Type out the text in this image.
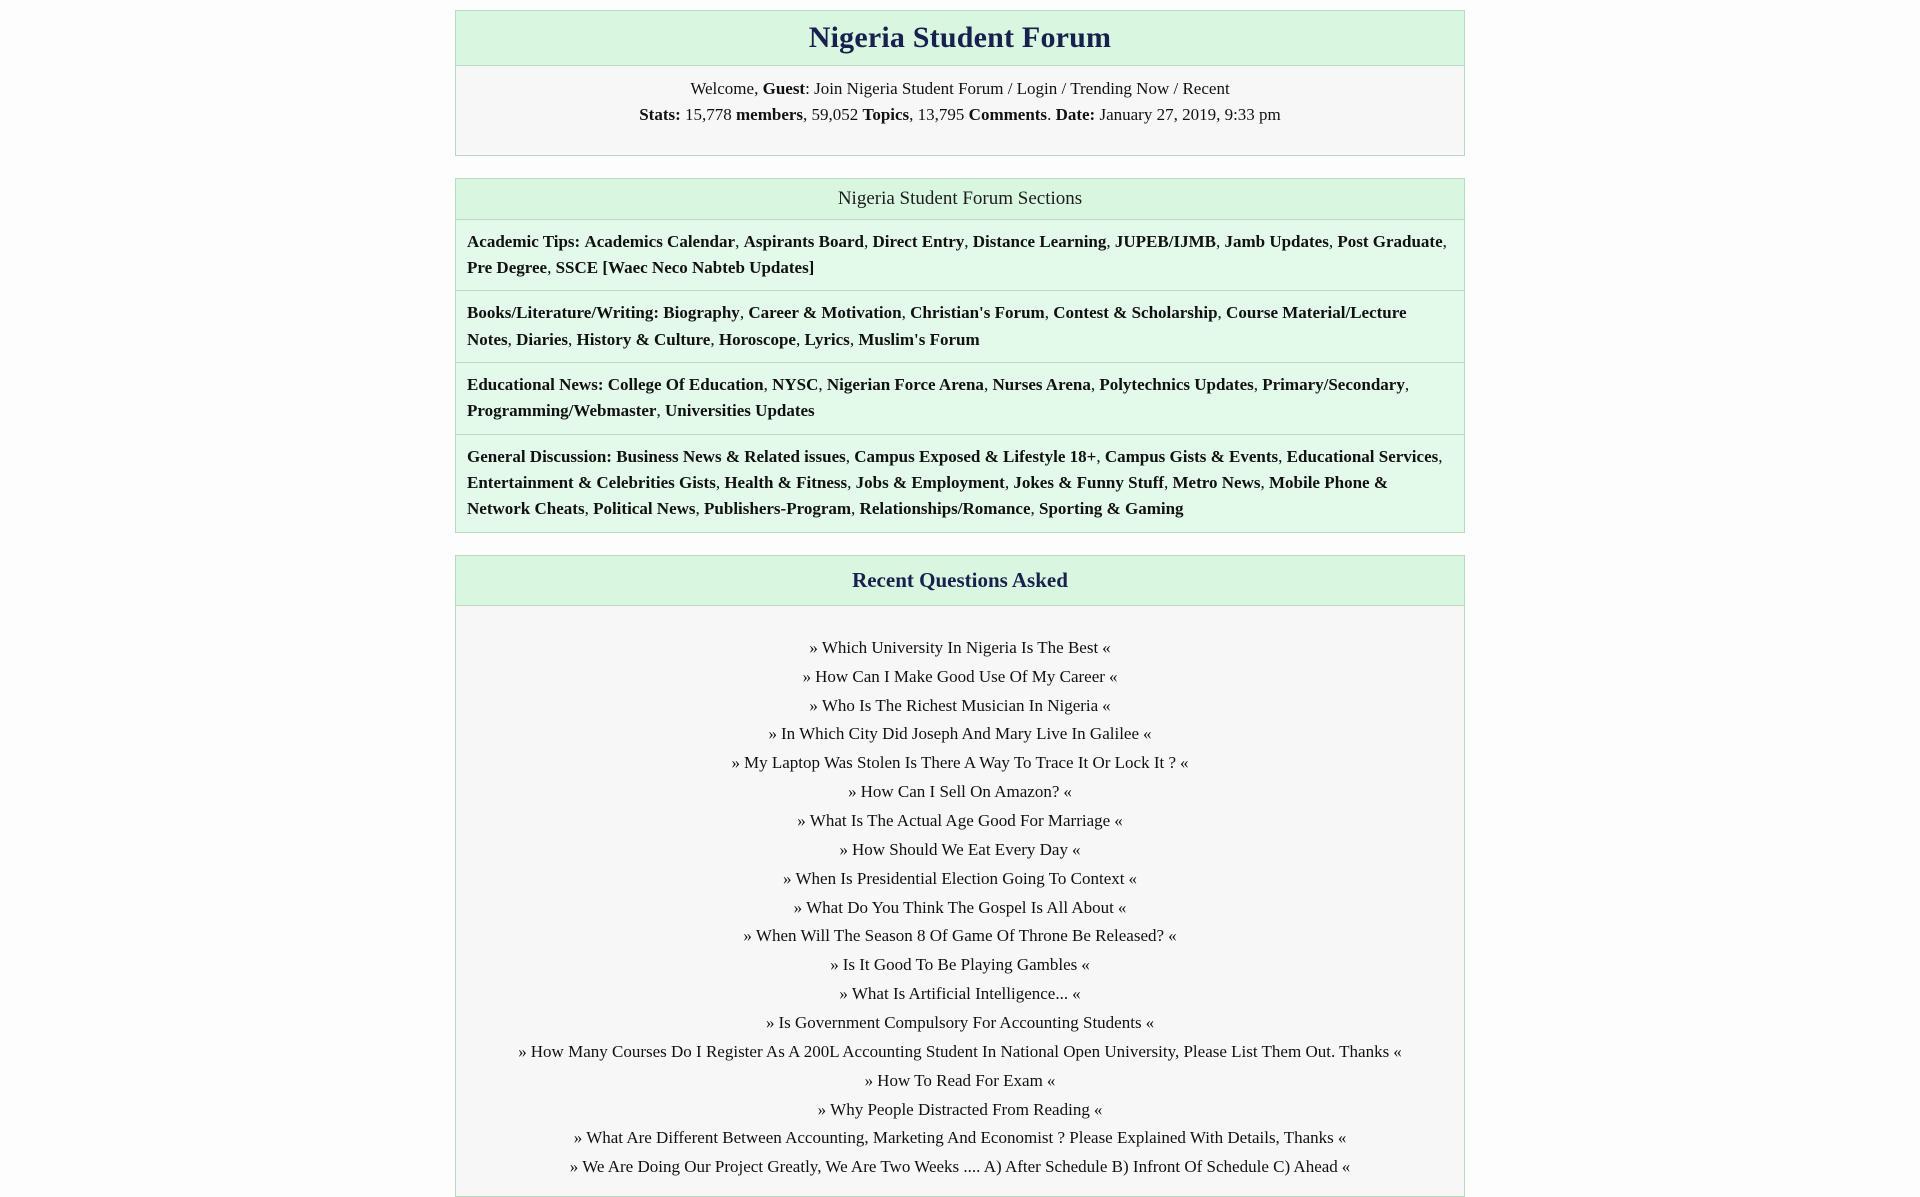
Nigeria Student Forum
Welcome, Guest: Join Nigeria Student Forum / Login / Trending Now / Recent
Stats: 15,778 members, 59,052 Topics, 13,795 Comments. Date: January 27, 2019, 9:33 pm
Nigeria Student Forum Sections
Academic Tips: Academics Calendar, Aspirants Board, Direct Entry, Distance Learning, JUPEB/IJMB, Jamb Updates, Post Graduate, Pre Degree, SSCE [Waec Neco Nabteb Updates]
Books/Literature/Writing: Biography, Career & Motivation, Christian's Forum, Contest & Scholarship, Course Material/Lecture Notes, Diaries, History & Culture, Horoscope, Lyrics, Muslim's Forum
Educational News: College Of Education, NYSC, Nigerian Force Arena, Nurses Arena, Polytechnics Updates, Primary/Secondary, Programming/Webmaster, Universities Updates
General Discussion: Business News & Related issues, Campus Exposed & Lifestyle 18+, Campus Gists & Events, Educational Services, Entertainment & Celebrities Gists, Health & Fitness, Jobs & Employment, Jokes & Funny Stuff, Metro News, Mobile Phone & Network Cheats, Political News, Publishers-Program, Relationships/Romance, Sporting & Gaming
Recent Questions Asked
» Which University In Nigeria Is The Best «
» How Can I Make Good Use Of My Career «
» Who Is The Richest Musician In Nigeria «
» In Which City Did Joseph And Mary Live In Galilee «
» My Laptop Was Stolen Is There A Way To Trace It Or Lock It ? «
» How Can I Sell On Amazon? «
» What Is The Actual Age Good For Marriage «
» How Should We Eat Every Day «
» When Is Presidential Election Going To Context «
» What Do You Think The Gospel Is All About «
» When Will The Season 8 Of Game Of Throne Be Released? «
» Is It Good To Be Playing Gambles «
» What Is Artificial Intelligence... «
» Is Government Compulsory For Accounting Students «
» How Many Courses Do I Register As A 200L Accounting Student In National Open University, Please List Them Out. Thanks «
» How To Read For Exam «
» Why People Distracted From Reading «
» What Are Different Between Accounting, Marketing And Economist ? Please Explained With Details, Thanks «
» We Are Doing Our Project Greatly, We Are Two Weeks .... A) After Schedule B) Infront Of Schedule C) Ahead «
